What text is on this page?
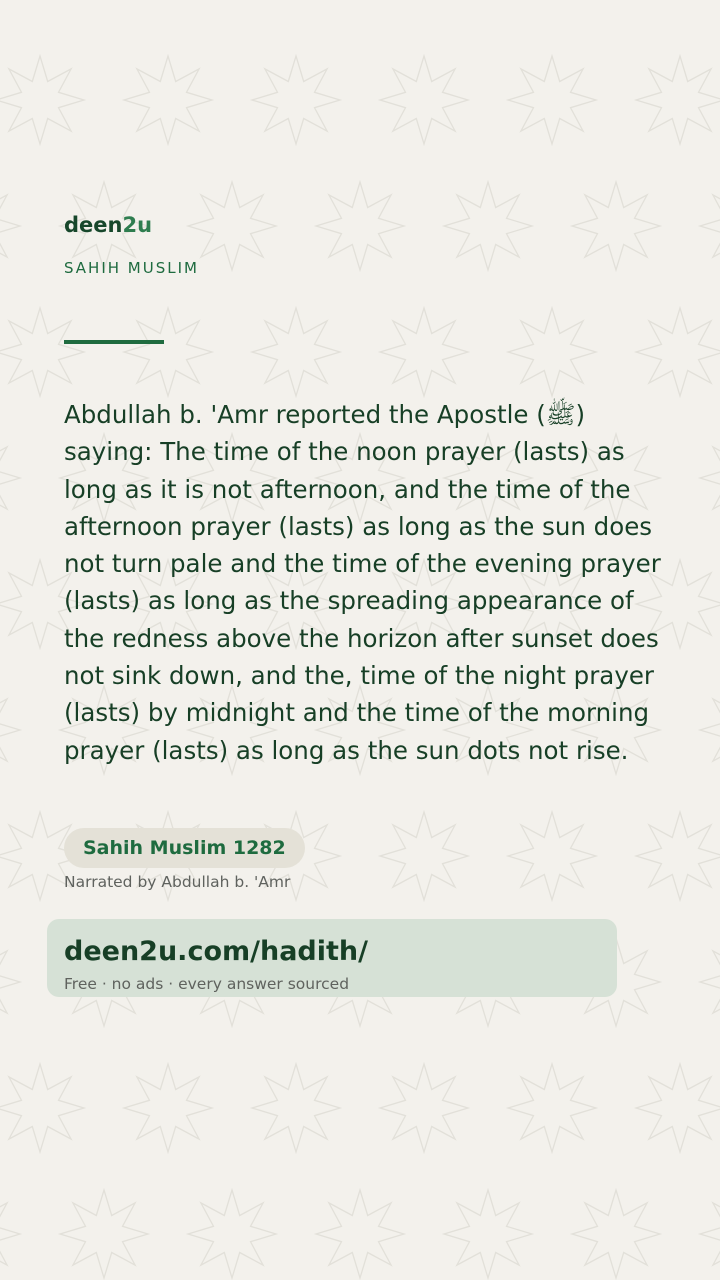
deen2u
SAHIH MUSLIM

Abdullah b. 'Amr reported the Apostle (ﷺ) saying: The time of the noon prayer (lasts) as long as it is not afternoon, and the time of the afternoon prayer (lasts) as long as the sun does not turn pale and the time of the evening prayer (lasts) as long as the spreading appearance of the redness above the horizon after sunset does not sink down, and the, time of the night prayer (lasts) by midnight and the time of the morning prayer (lasts) as long as the sun dots not rise.

Sahih Muslim 1282
Narrated by Abdullah b. 'Amr
deen2u.com/hadith/
Free · no ads · every answer sourced
